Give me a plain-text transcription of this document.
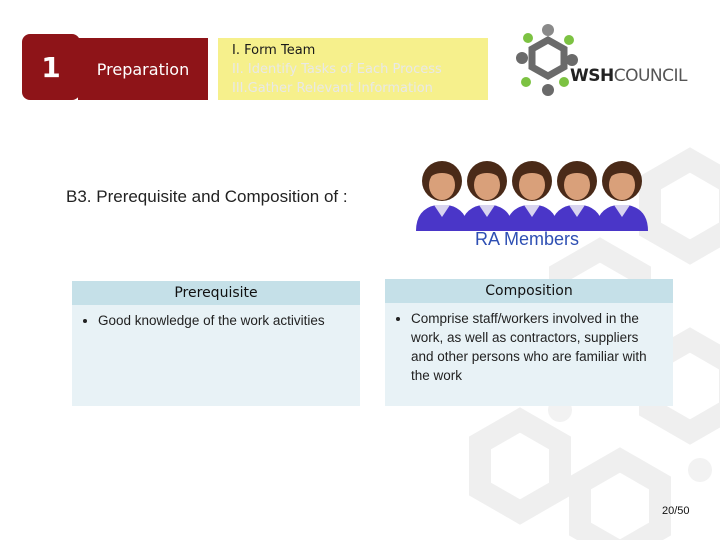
1	Preparation
I. Form Team
II. Identify Tasks of Each Process
III.Gather Relevant Information
WSHCOUNCIL
B3. Prerequisite and Composition of :
RA Members
Prerequisite
• Good knowledge of the work activities
Composition
• Comprise staff/workers involved in the work, as well as contractors, suppliers and other persons who are familiar with the work
20/50
